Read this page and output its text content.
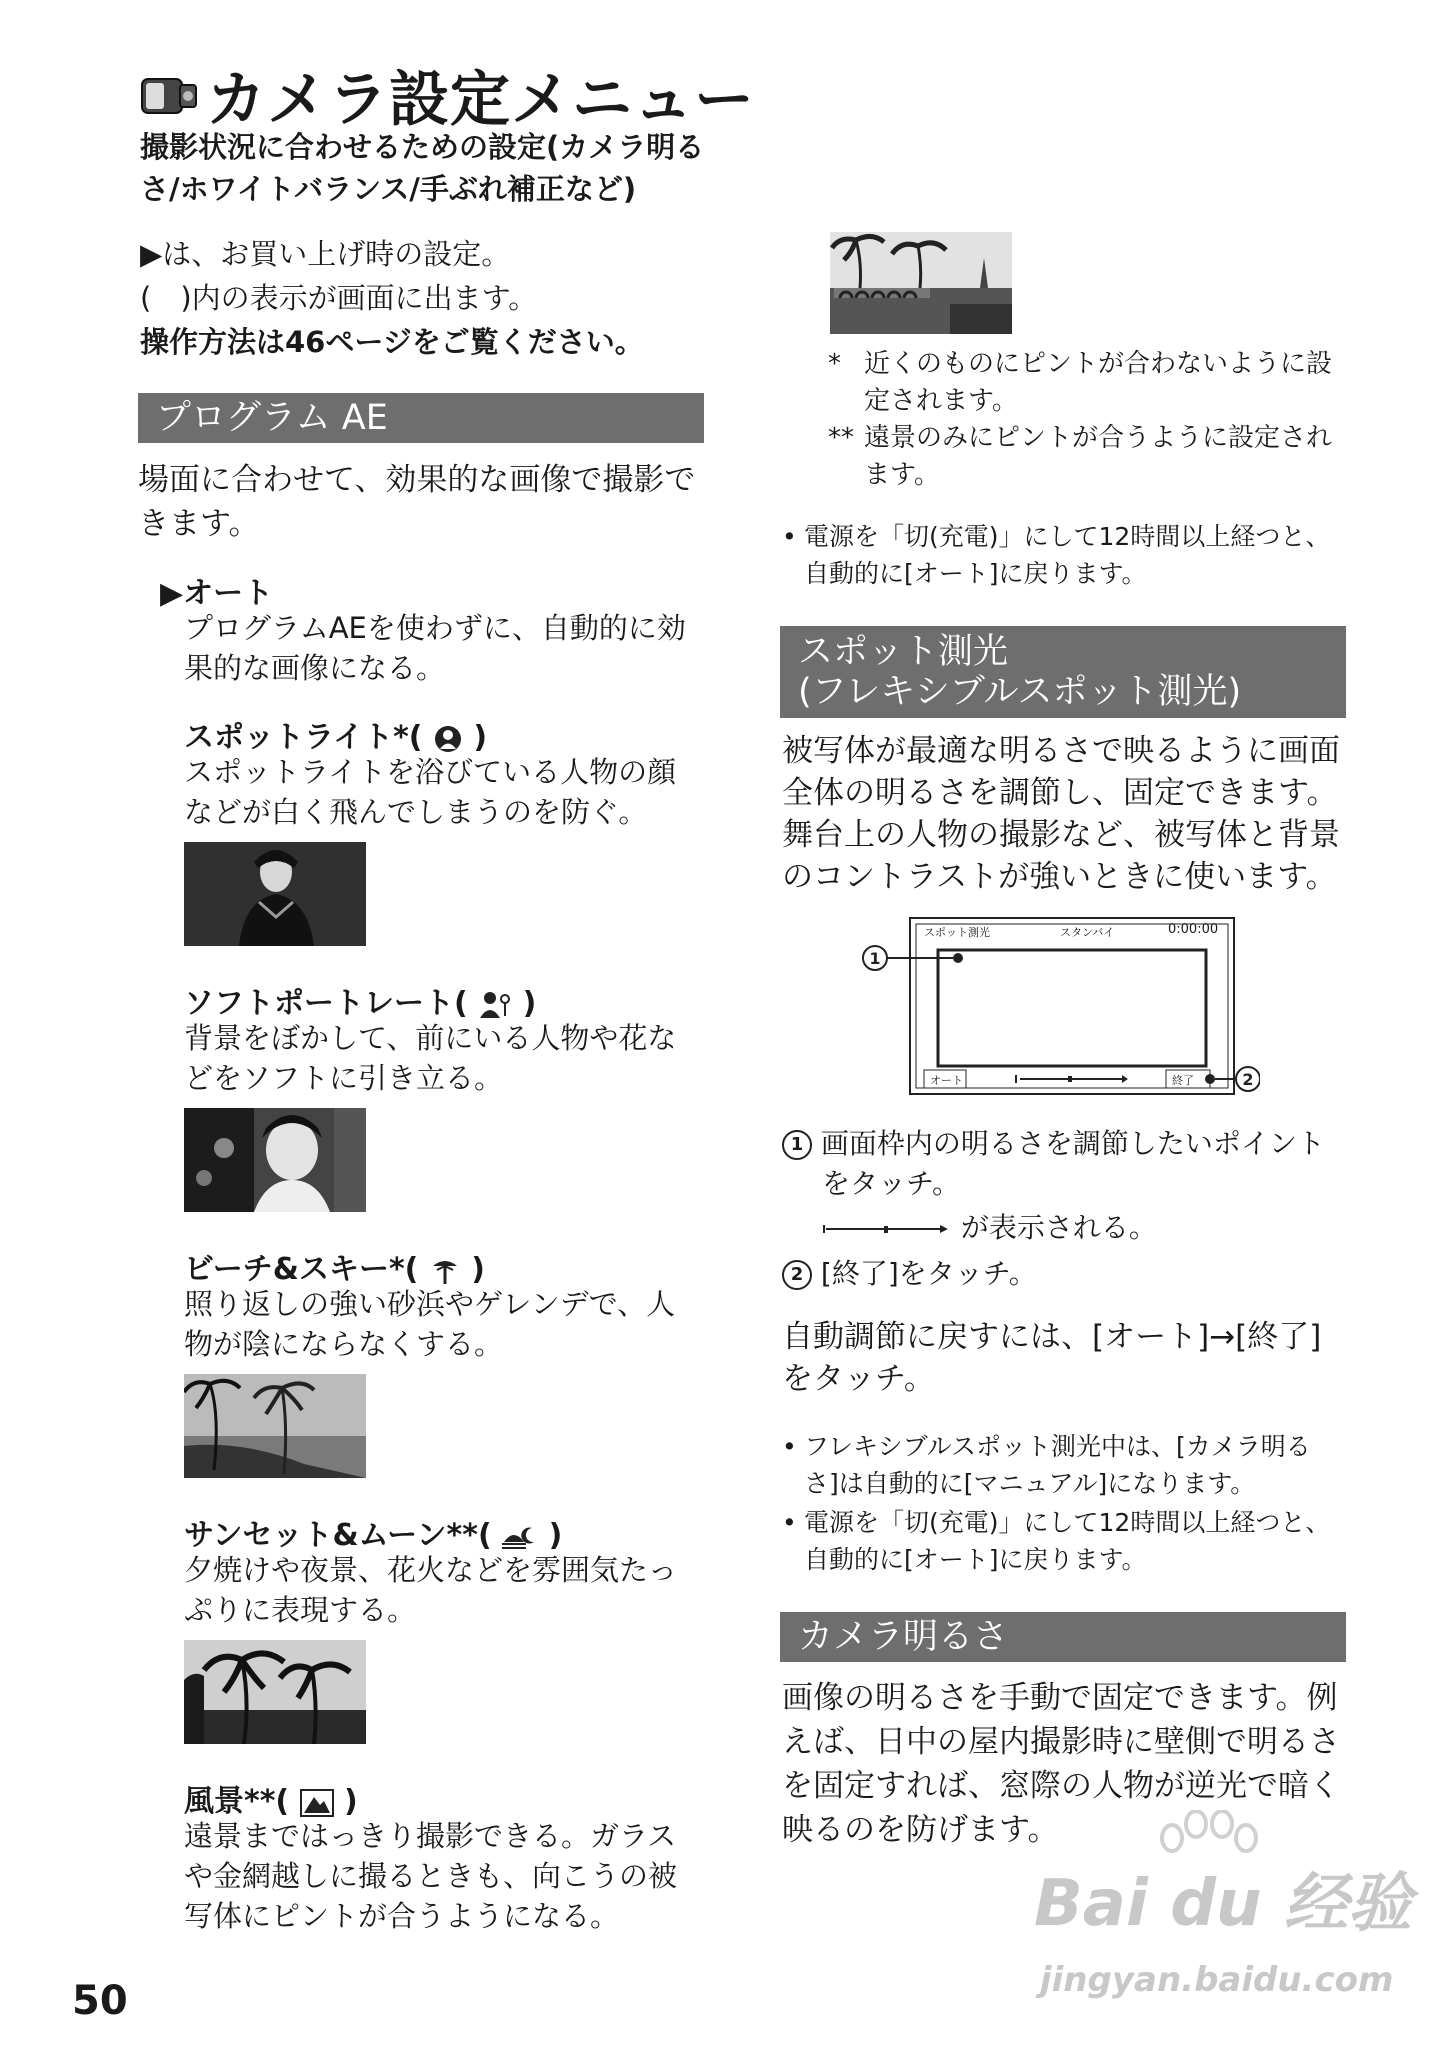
カメラ設定メニュー
撮影状況に合わせるための設定(カメラ明るさ/ホワイトバランス/手ぶれ補正など)
▶は、お買い上げ時の設定。
(　)内の表示が画面に出ます。
操作方法は46ページをご覧ください。
プログラム AE
場面に合わせて、効果的な画像で撮影できます。
▶オート
プログラムAEを使わずに、自動的に効果的な画像になる。
スポットライト*( )
スポットライトを浴びている人物の顔などが白く飛んでしまうのを防ぐ。
ソフトポートレート( )
背景をぼかして、前にいる人物や花などをソフトに引き立る。
ビーチ&スキー*( )
照り返しの強い砂浜やゲレンデで、人物が陰にならなくする。
サンセット&ムーン**( )
夕焼けや夜景、花火などを雰囲気たっぷりに表現する。
風景**( )
遠景まではっきり撮影できる。ガラスや金網越しに撮るときも、向こうの被写体にピントが合うようになる。
* 近くのものにピントが合わないように設定されます。
** 遠景のみにピントが合うように設定されます。
• 電源を「切(充電)」にして12時間以上経つと、自動的に[オート]に戻ります。
スポット測光
(フレキシブルスポット測光)
被写体が最適な明るさで映るように画面全体の明るさを調節し、固定できます。舞台上の人物の撮影など、被写体と背景のコントラストが強いときに使います。
1
2
スポット測光	スタンバイ	0:00:00
オート	終了
1 画面枠内の明るさを調節したいポイント
をタッチ。
が表示される。
2 [終了]をタッチ。
自動調節に戻すには、[オート]→[終了]をタッチ。
• フレキシブルスポット測光中は、[カメラ明るさ]は自動的に[マニュアル]になります。
• 電源を「切(充電)」にして12時間以上経つと、自動的に[オート]に戻ります。
カメラ明るさ
画像の明るさを手動で固定できます。例えば、日中の屋内撮影時に壁側で明るさを固定すれば、窓際の人物が逆光で暗く映るのを防げます。
50
Bai du 经验
jingyan.baidu.com
